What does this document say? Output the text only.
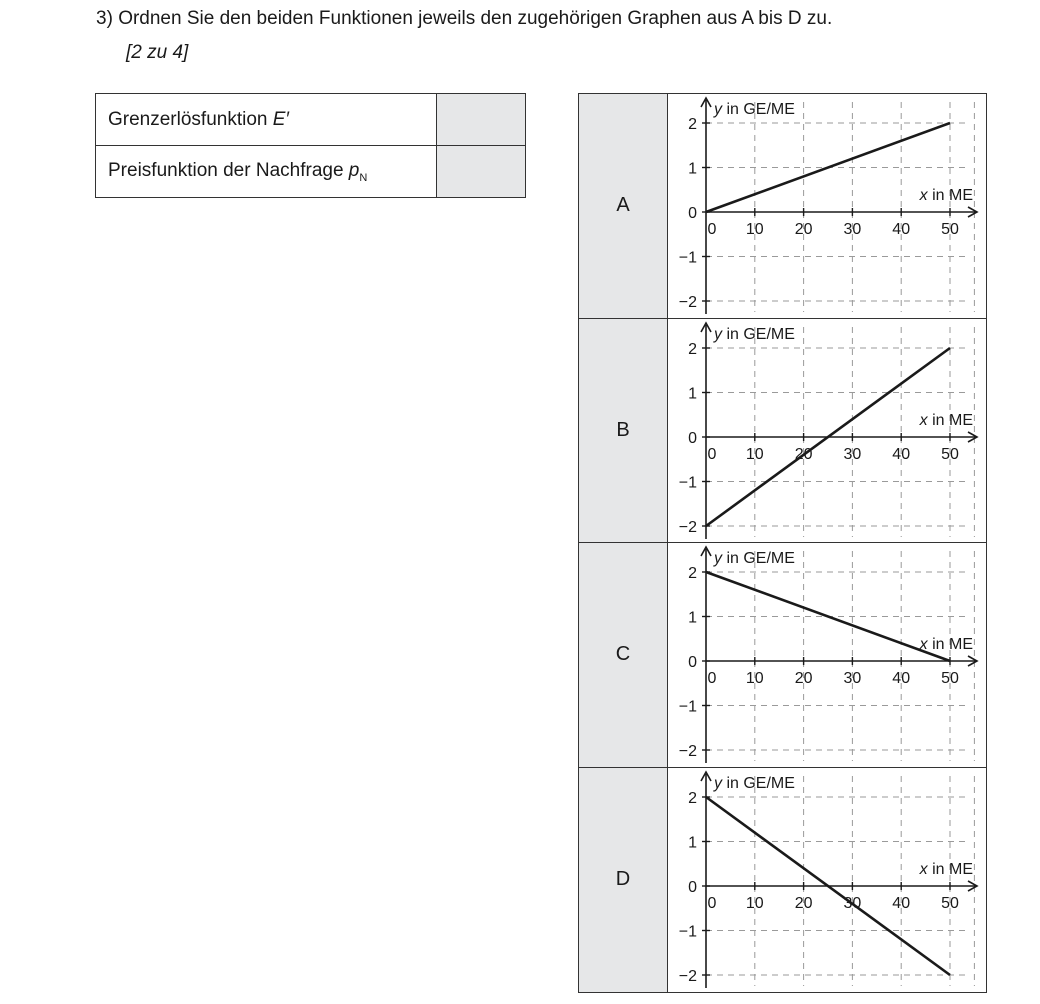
3) Ordnen Sie den beiden Funktionen jeweils den zugehörigen Graphen aus A bis D zu.
[2 zu 4]
Grenzerlösfunktion E′	
Preisfunktion der Nachfrage $p_N$	
A
−2
−1
0
1
2
0 10 20 30 40 50
y in GE/ME
x in ME
B
−2
−1
0
1
2
0 10 20 30 40 50
y in GE/ME
x in ME
C
−2
−1
0
1
2
0 10 20 30 40 50
y in GE/ME
x in ME
D
−2
−1
0
1
2
0 10 20 30 40 50
y in GE/ME
x in ME
